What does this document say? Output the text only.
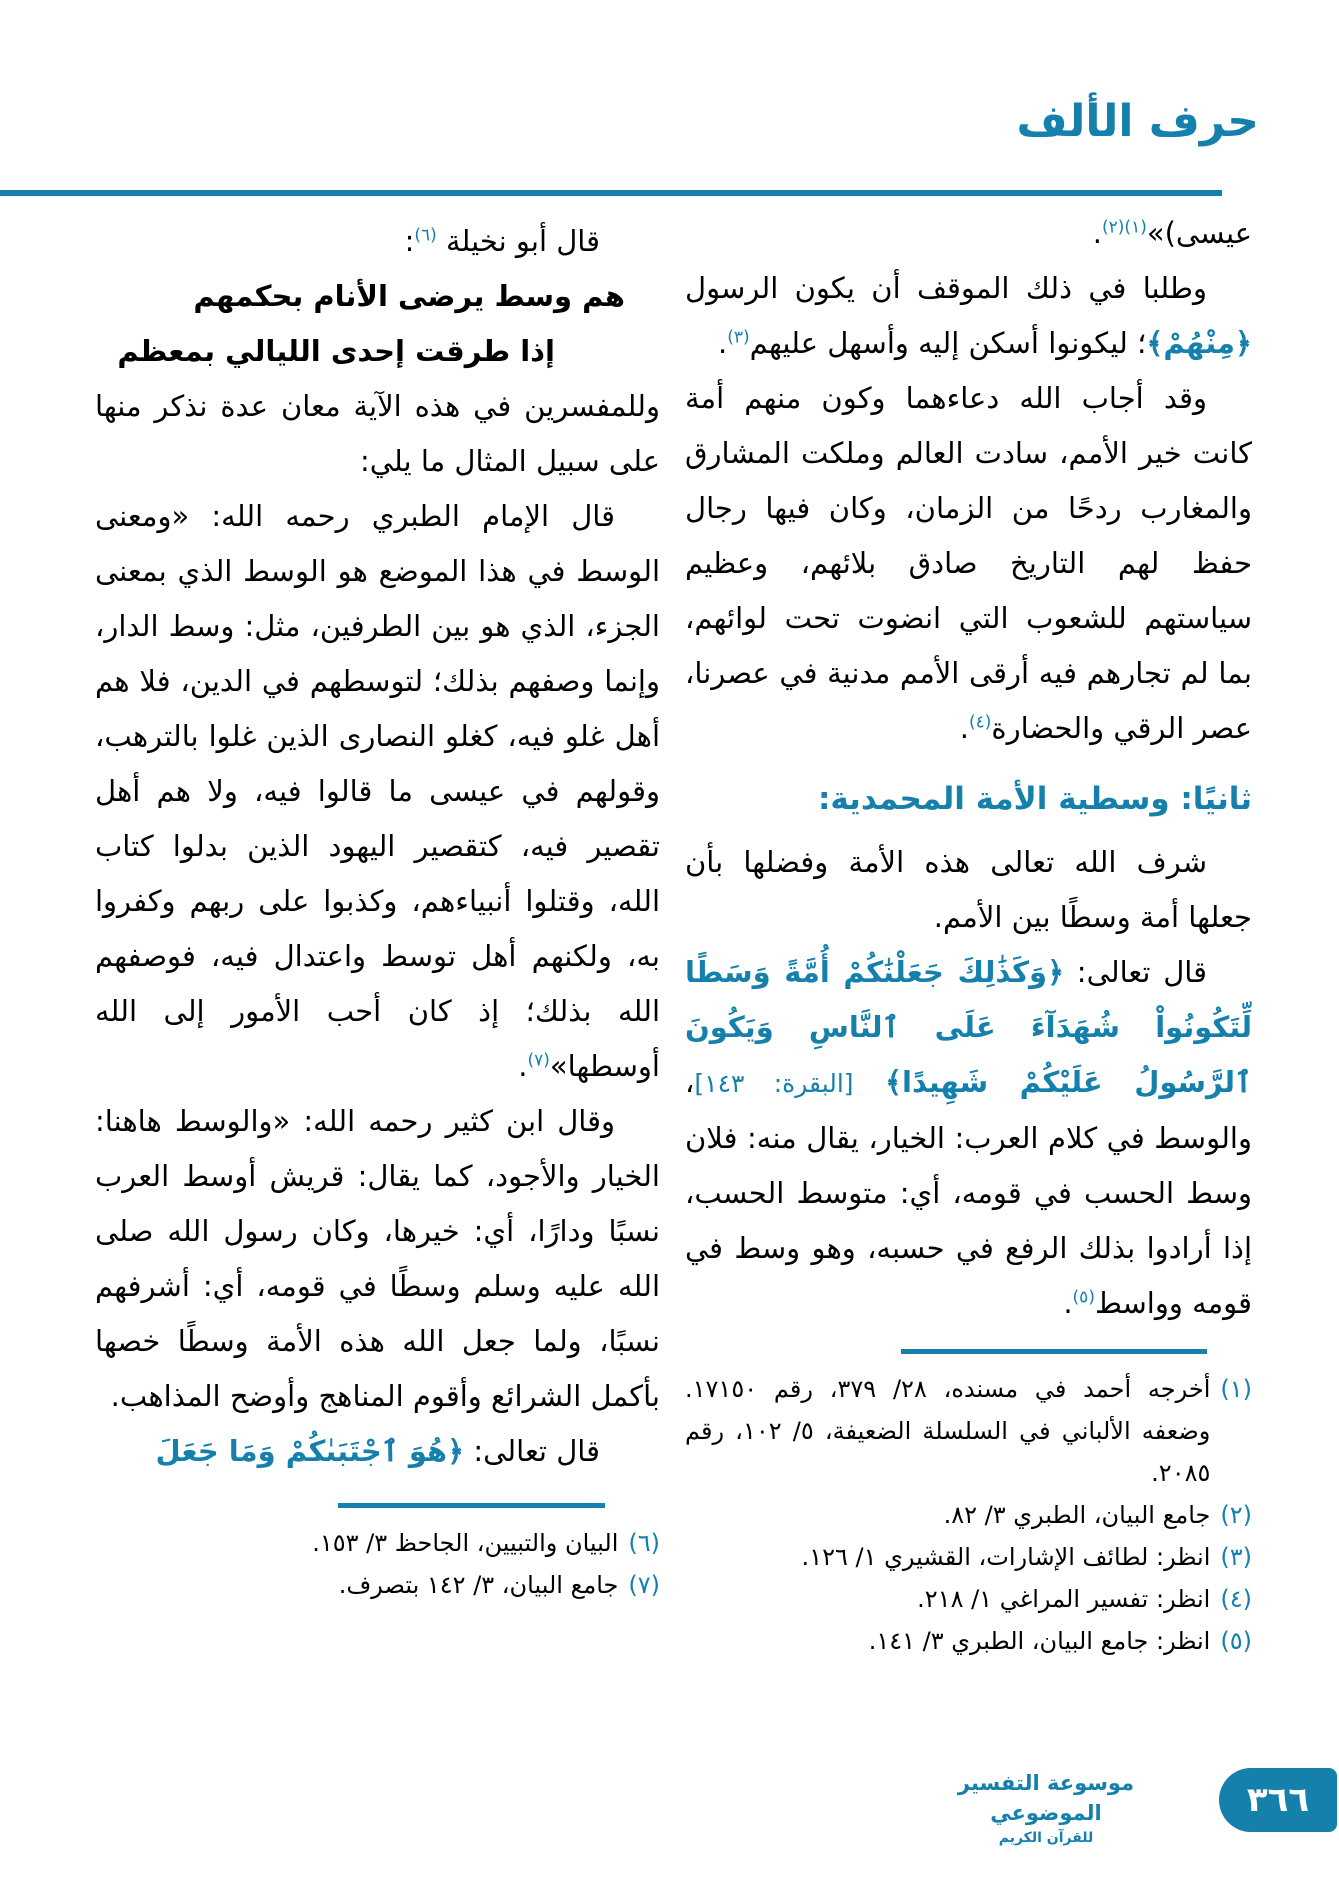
حرف الألف

عيسى)»$^{(١)(٢)}$.

وطلبا في ذلك الموقف أن يكون الرسول ﴿مِنْهُمْ﴾؛ ليكونوا أسكن إليه وأسهل عليهم$^{(٣)}$.

وقد أجاب الله دعاءهما وكون منهم أمة كانت خير الأمم، سادت العالم وملكت المشارق والمغارب ردحًا من الزمان، وكان فيها رجال حفظ لهم التاريخ صادق بلائهم، وعظيم سياستهم للشعوب التي انضوت تحت لوائهم، بما لم تجارهم فيه أرقى الأمم مدنية في عصرنا، عصر الرقي والحضارة$^{(٤)}$.

ثانيًا: وسطية الأمة المحمدية:

شرف الله تعالى هذه الأمة وفضلها بأن جعلها أمة وسطًا بين الأمم.

قال تعالى: ﴿وَكَذَٰلِكَ جَعَلْنَٰكُمْ أُمَّةً وَسَطًا لِّتَكُونُواْ شُهَدَآءَ عَلَى ٱلنَّاسِ وَيَكُونَ ٱلرَّسُولُ عَلَيْكُمْ شَهِيدًا﴾ [البقرة: ١٤٣]، والوسط في كلام العرب: الخيار، يقال منه: فلان وسط الحسب في قومه، أي: متوسط الحسب، إذا أرادوا بذلك الرفع في حسبه، وهو وسط في قومه وواسط$^{(٥)}$.

(١)
أخرجه أحمد في مسنده، ٢٨/ ٣٧٩، رقم ١٧١٥٠. وضعفه الألباني في السلسلة الضعيفة، ٥/ ١٠٢، رقم ٢٠٨٥.
(٢)
جامع البيان، الطبري ٣/ ٨٢.
(٣)
انظر: لطائف الإشارات، القشيري ١/ ١٢٦.
(٤)
انظر: تفسير المراغي ١/ ٢١٨.
(٥)
انظر: جامع البيان، الطبري ٣/ ١٤١.

قال أبو نخيلة $^{(٦)}$:

هم وسط يرضى الأنام بحكمهم

إذا طرقت إحدى الليالي بمعظم

وللمفسرين في هذه الآية معان عدة نذكر منها على سبيل المثال ما يلي:

قال الإمام الطبري رحمه الله: «ومعنى الوسط في هذا الموضع هو الوسط الذي بمعنى الجزء، الذي هو بين الطرفين، مثل: وسط الدار، وإنما وصفهم بذلك؛ لتوسطهم في الدين، فلا هم أهل غلو فيه، كغلو النصارى الذين غلوا بالترهب، وقولهم في عيسى ما قالوا فيه، ولا هم أهل تقصير فيه، كتقصير اليهود الذين بدلوا كتاب الله، وقتلوا أنبياءهم، وكذبوا على ربهم وكفروا به، ولكنهم أهل توسط واعتدال فيه، فوصفهم الله بذلك؛ إذ كان أحب الأمور إلى الله أوسطها»$^{(٧)}$.

وقال ابن كثير رحمه الله: «والوسط هاهنا: الخيار والأجود، كما يقال: قريش أوسط العرب نسبًا ودارًا، أي: خيرها، وكان رسول الله صلى الله عليه وسلم وسطًا في قومه، أي: أشرفهم نسبًا، ولما جعل الله هذه الأمة وسطًا خصها بأكمل الشرائع وأقوم المناهج وأوضح المذاهب.

قال تعالى: ﴿هُوَ ٱجْتَبَىٰكُمْ وَمَا جَعَلَ

(٦)
البيان والتبيين، الجاحظ ٣/ ١٥٣.
(٧)
جامع البيان، ٣/ ١٤٢ بتصرف.
موسوعة التفسير الموضوعي
للقرآن الكريم
٣٦٦
